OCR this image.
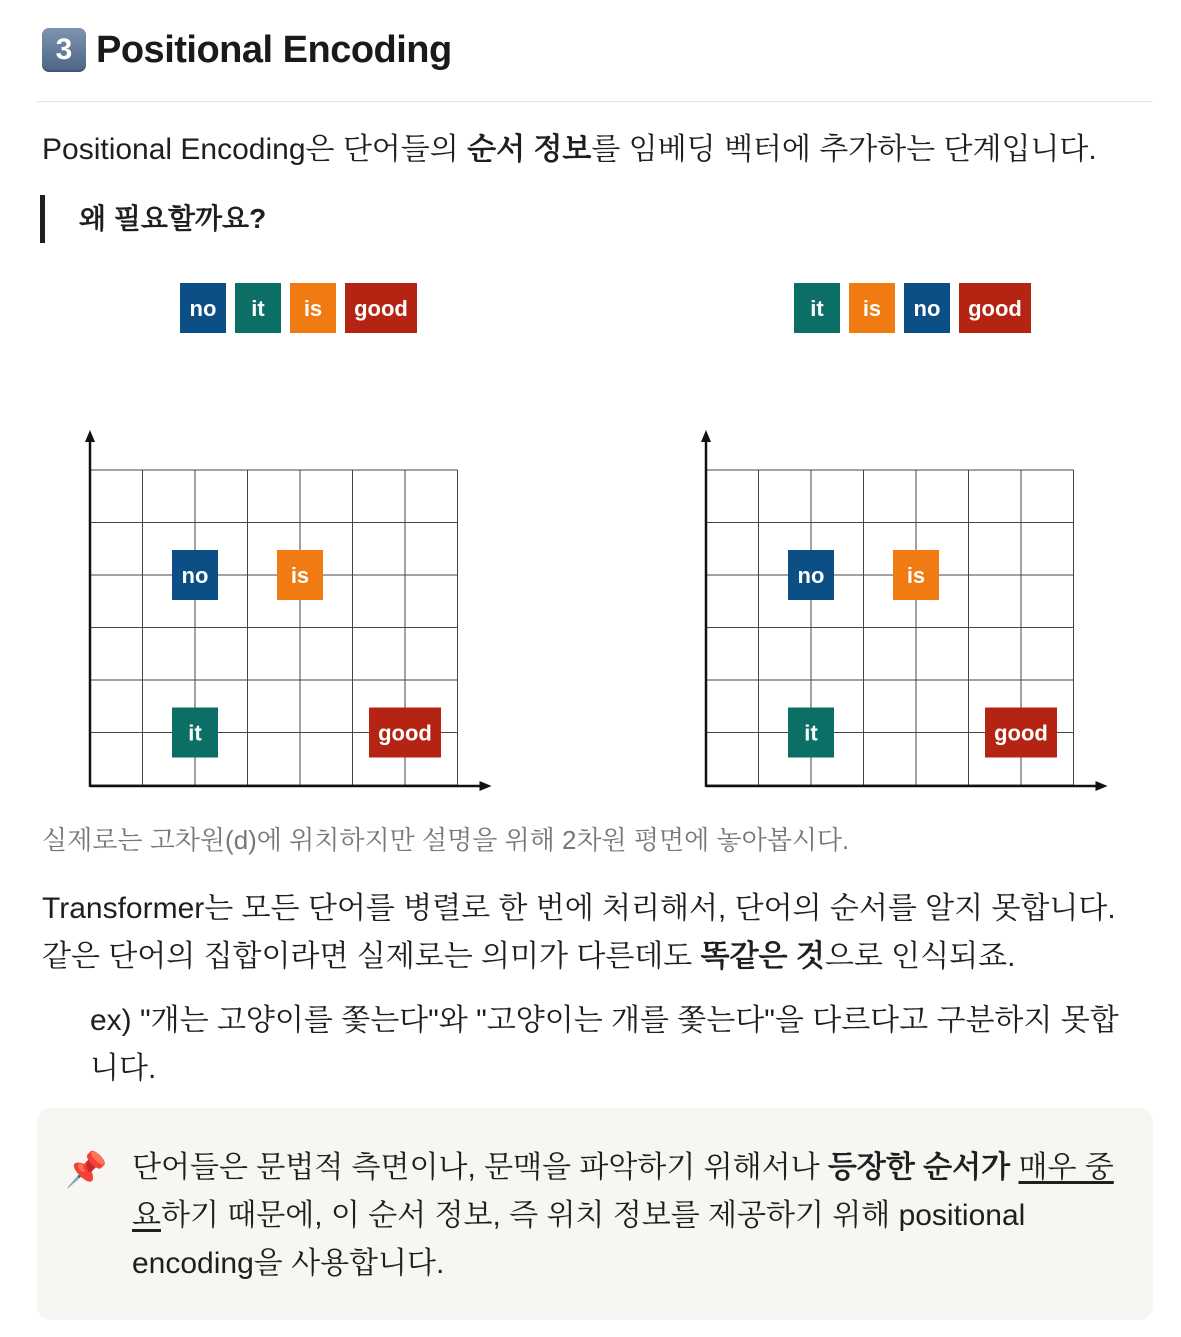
3 Positional Encoding
Positional Encoding은 단어들의 순서 정보를 임베딩 벡터에 추가하는 단계입니다.
왜 필요할까요?
no it is good
no	is
it	good
it is no good
no	is
it	good
실제로는 고차원(d)에 위치하지만 설명을 위해 2차원 평면에 놓아봅시다.
Transformer는 모든 단어를 병렬로 한 번에 처리해서, 단어의 순서를 알지 못합니다. 같은 단어의 집합이라면 실제로는 의미가 다른데도 똑같은 것으로 인식되죠.
ex) "개는 고양이를 쫓는다"와 "고양이는 개를 쫓는다"을 다르다고 구분하지 못합니다.
📌 단어들은 문법적 측면이나, 문맥을 파악하기 위해서나 등장한 순서가 매우 중요하기 때문에, 이 순서 정보, 즉 위치 정보를 제공하기 위해 positional encoding을 사용합니다.
